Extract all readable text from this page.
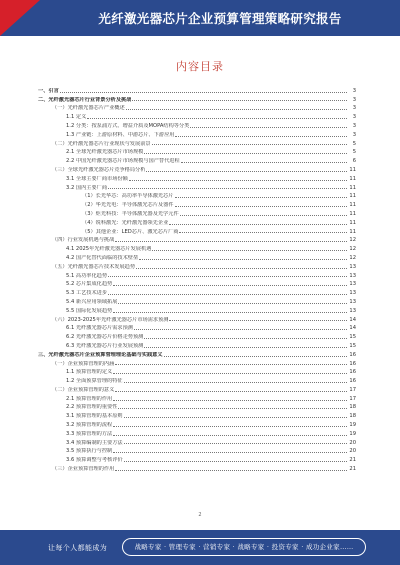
光纤激光器芯片企业预算管理策略研究报告
内容目录
一、引言	3
二、光纤激光器芯片行业背景分析及挑战	3
（一）光纤激光器芯片产业概述	3
1.1 定义	3
1.2 分类：按泵浦方式、增益介质及MOPA结构等分类	3
1.3 产业链：上游原材料、中游芯片、下游应用	3
（二）光纤激光器芯片行业现状与发展前景	5
2.1 全球光纤激光器芯片市场规模	5
2.2 中国光纤激光器芯片市场规模与国产替代进程	6
（三）全球光纤激光器芯片竞争格局分析	11
3.1 全球主要厂商市场份额	11
3.2 国内主要厂商	11
（1）长光华芯：高功率半导体激光芯片	11
（2）华光光电：半导体激光芯片及器件	11
（3）炬光科技：半导体激光器及光学元件	11
（4）锐科激光：光纤激光器领先企业	11
（5）其他企业：LED芯片、激光芯片厂商	11
（四）行业发展机遇与挑战	12
4.1 2025年光纤激光器芯片发展机遇	12
4.2 国产化替代面临的技术壁垒	12
（五）光纤激光器芯片技术发展趋势	13
5.1 高功率化趋势	13
5.2 芯片集成化趋势	13
5.3 工艺技术进步	13
5.4 新兴应用领域拓展	13
5.5 国际化发展趋势	13
（六）2023-2025年光纤激光器芯片市场需求预测	14
6.1 光纤激光器芯片需求预测	14
6.2 光纤激光器芯片价格走势预测	15
6.3 光纤激光器芯片行业发展预测	15
三、光纤激光器芯片企业预算管理理论基础与实践意义	16
（一）企业预算管理的内涵	16
1.1 预算管理的定义	16
1.2 全面预算管理的特征	16
（二）企业预算管理的意义	17
2.1 预算管理的作用	17
2.2 预算管理的重要性	18
3.1 预算管理的基本原则	18
3.2 预算管理的流程	19
3.3 预算管理的方法	19
3.4 预算编制的主要方法	20
3.5 预算执行与控制	20
3.6 预算调整与考核评价	21
（三）企业预算管理的作用	21
2
让每个人都能成为	战略专家 · 管理专家 · 营销专家 · 战略专家 · 投资专家 · 成功企业家……
